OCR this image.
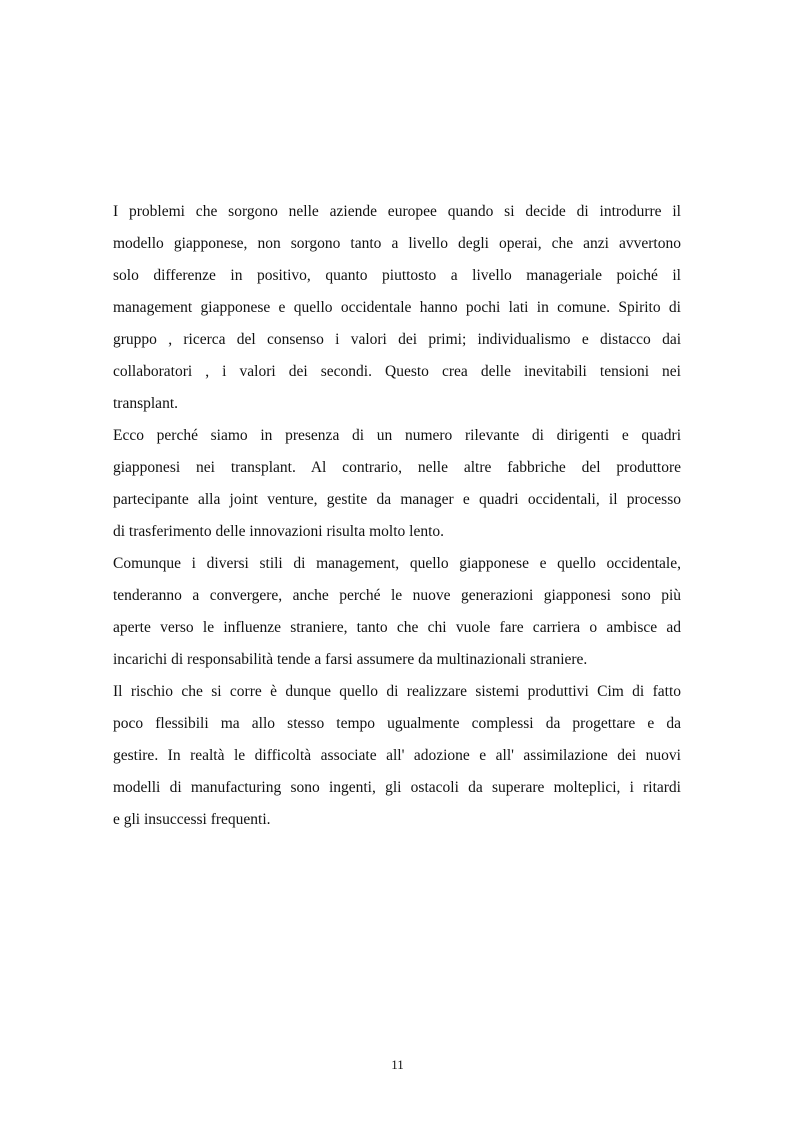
I problemi che sorgono nelle aziende europee quando si decide di introdurre il
modello giapponese, non sorgono tanto a livello degli operai, che anzi avvertono
solo differenze in positivo, quanto piuttosto a livello manageriale poiché il
management giapponese e quello occidentale hanno pochi lati in comune. Spirito di
gruppo , ricerca del consenso i valori dei primi; individualismo e distacco dai
collaboratori , i valori dei secondi. Questo crea delle inevitabili tensioni nei
transplant.

Ecco perché siamo in presenza di un numero rilevante di dirigenti e quadri
giapponesi nei transplant. Al contrario, nelle altre fabbriche del produttore
partecipante alla joint venture, gestite da manager e quadri occidentali, il processo
di trasferimento delle innovazioni risulta molto lento.

Comunque i diversi stili di management, quello giapponese e quello occidentale,
tenderanno a convergere, anche perché le nuove generazioni giapponesi sono più
aperte verso le influenze straniere, tanto che chi vuole fare carriera o ambisce ad
incarichi di responsabilità tende a farsi assumere da multinazionali straniere.

Il rischio che si corre è dunque quello di realizzare sistemi produttivi Cim di fatto
poco flessibili ma allo stesso tempo ugualmente complessi da progettare e da
gestire. In realtà le difficoltà associate all' adozione e all' assimilazione dei nuovi
modelli di manufacturing sono ingenti, gli ostacoli da superare molteplici, i ritardi
e gli insuccessi frequenti.

11
